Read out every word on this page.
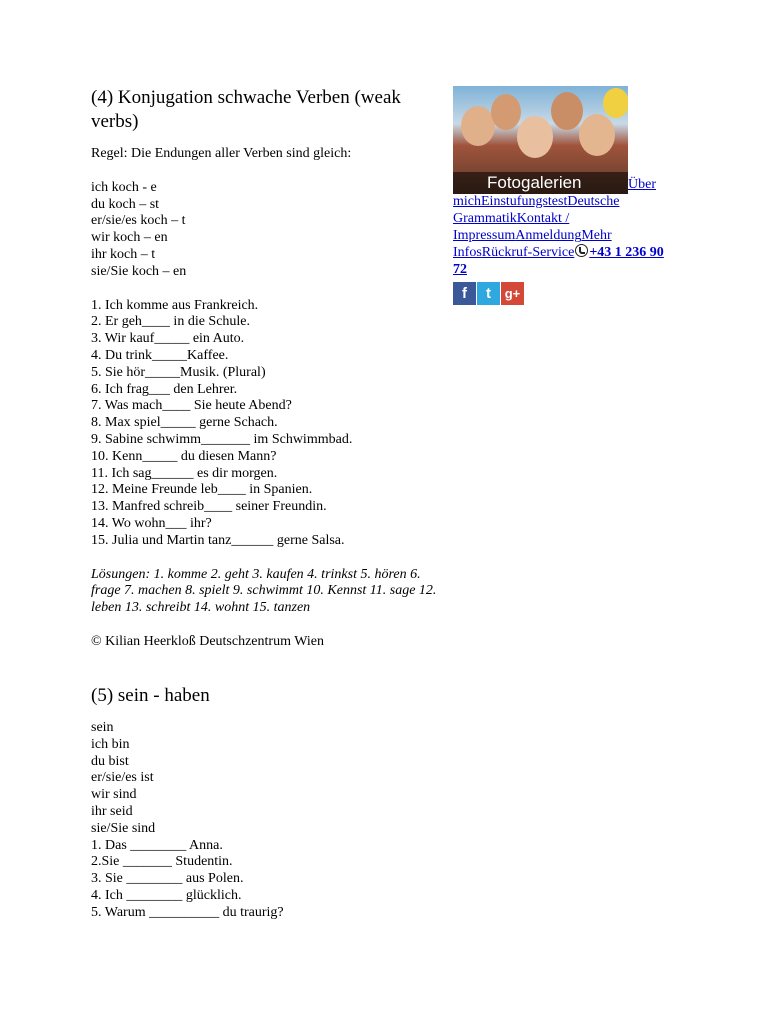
(4) Konjugation schwache Verben (weak verbs)
Regel: Die Endungen aller Verben sind gleich:
ich koch - e
du koch – st
er/sie/es koch – t
wir koch – en
ihr koch – t
sie/Sie koch – en
1. Ich komme aus Frankreich.
2. Er geh____ in die Schule.
3. Wir kauf_____ ein Auto.
4. Du trink_____Kaffee.
5. Sie hör_____Musik. (Plural)
6. Ich frag___ den Lehrer.
7. Was mach____ Sie heute Abend?
8. Max spiel_____ gerne Schach.
9. Sabine schwimm_______ im Schwimmbad.
10. Kenn_____ du diesen Mann?
11. Ich sag______ es dir morgen.
12. Meine Freunde leb____ in Spanien.
13. Manfred schreib____ seiner Freundin.
14. Wo wohn___ ihr?
15. Julia und Martin tanz______ gerne Salsa.
Lösungen: 1. komme 2. geht 3. kaufen 4. trinkst 5. hören 6. frage 7. machen 8. spielt 9. schwimmt 10. Kennst 11. sage 12. leben 13. schreibt 14. wohnt 15. tanzen
© Kilian Heerkloß Deutschzentrum Wien
(5) sein - haben
sein
ich bin
du bist
er/sie/es ist
wir sind
ihr seid
sie/Sie sind
1. Das ________ Anna.
2.Sie _______ Studentin.
3. Sie ________ aus Polen.
4. Ich ________ glücklich.
5. Warum __________ du traurig?
Fotogalerien	Über michEinstufungstestDeutsche GrammatikKontakt / ImpressumAnmeldungMehr InfosRückruf-Service +43 1 236 90 72
f t g+
